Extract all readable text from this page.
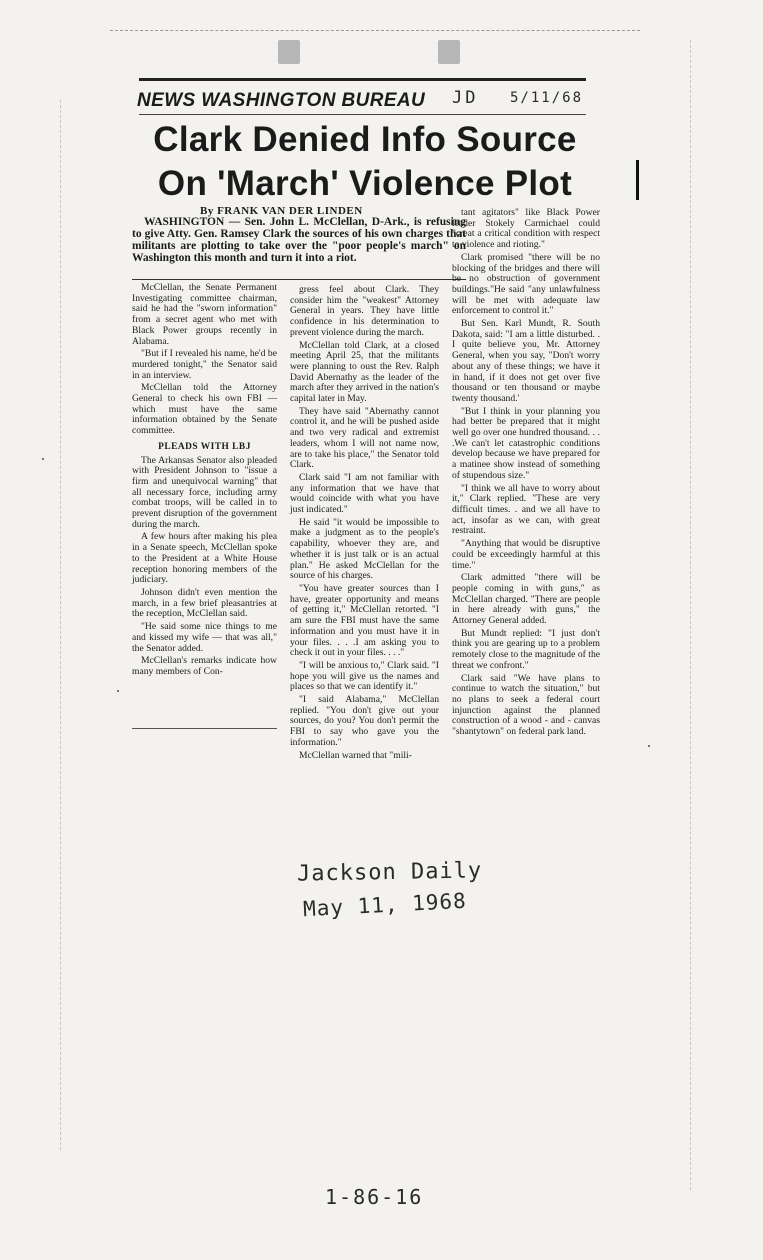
NEWS WASHINGTON BUREAU JD 5/11/68
Clark Denied Info Source
On 'March' Violence Plot
By FRANK VAN DER LINDEN

WASHINGTON — Sen. John L. McClellan, D-Ark., is refusing to give Atty. Gen. Ramsey Clark the sources of his own charges that militants are plotting to take over the "poor people's march" on Washington this month and turn it into a riot.

McClellan, the Senate Permanent Investigating committee chairman, said he had the "sworn information" from a secret agent who met with Black Power groups recently in Alabama.

"But if I revealed his name, he'd be murdered tonight," the Senator said in an interview.

McClellan told the Attorney General to check his own FBI — which must have the same information obtained by the Senate committee.

PLEADS WITH LBJ

The Arkansas Senator also pleaded with President Johnson to "issue a firm and unequivocal warning" that all necessary force, including army combat troops, will be called in to prevent disruption of the government during the march.

A few hours after making his plea in a Senate speech, McClellan spoke to the President at a White House reception honoring members of the judiciary.

Johnson didn't even mention the march, in a few brief pleasantries at the reception, McClellan said.

"He said some nice things to me and kissed my wife — that was all," the Senator added.

McClellan's remarks indicate how many members of Con-

gress feel about Clark. They consider him the "weakest" Attorney General in years. They have little confidence in his determination to prevent violence during the march.

McClellan told Clark, at a closed meeting April 25, that the militants were planning to oust the Rev. Ralph David Abernathy as the leader of the march after they arrived in the nation's capital later in May.

They have said "Abernathy cannot control it, and he will be pushed aside and two very radical and extremist leaders, whom I will not name now, are to take his place," the Senator told Clark.

Clark said "I am not familiar with any information that we have that would coincide with what you have just indicated."

He said "it would be impossible to make a judgment as to the people's capability, whoever they are, and whether it is just talk or is an actual plan." He asked McClellan for the source of his charges.

"You have greater sources than I have, greater opportunity and means of getting it," McClellan retorted. "I am sure the FBI must have the same information and you must have it in your files. . . .I am asking you to check it out in your files. . . ."

"I will be anxious to," Clark said. "I hope you will give us the names and places so that we can identify it."

"I said Alabama," McClellan replied. "You don't give out your sources, do you? You don't permit the FBI to say who gave you the information."

McClellan warned that "mili-

tant agitators" like Black Power leader Stokely Carmichael could "creat a critical condition with respect to violence and rioting."

Clark promised "there will be no blocking of the bridges and there will be no obstruction of government buildings."He said "any unlawfulness will be met with adequate law enforcement to control it."

But Sen. Karl Mundt, R. South Dakota, said: "I am a little disturbed. . I quite believe you, Mr. Attorney General, when you say, "Don't worry about any of these things; we have it in hand, if it does not get over five thousand or ten thousand or maybe twenty thousand.'

"But I think in your planning you had better be prepared that it might well go over one hundred thousand. . . .We can't let catastrophic conditions develop because we have prepared for a matinee show instead of something of stupendous size."

"I think we all have to worry about it," Clark replied. "These are very difficult times. . and we all have to act, insofar as we can, with great restraint.

"Anything that would be disruptive could be exceedingly harmful at this time."

Clark admitted "there will be people coming in with guns," as McClellan charged. "There are people in here already with guns," the Attorney General added.

But Mundt replied: "I just don't think you are gearing up to a problem remotely close to the magnitude of the threat we confront."

Clark said "We have plans to continue to watch the situation," but no plans to seek a federal court injunction against the planned construction of a wood - and - canvas "shantytown" on federal park land.

Jackson Daily
May 11, 1968
1-86-16
